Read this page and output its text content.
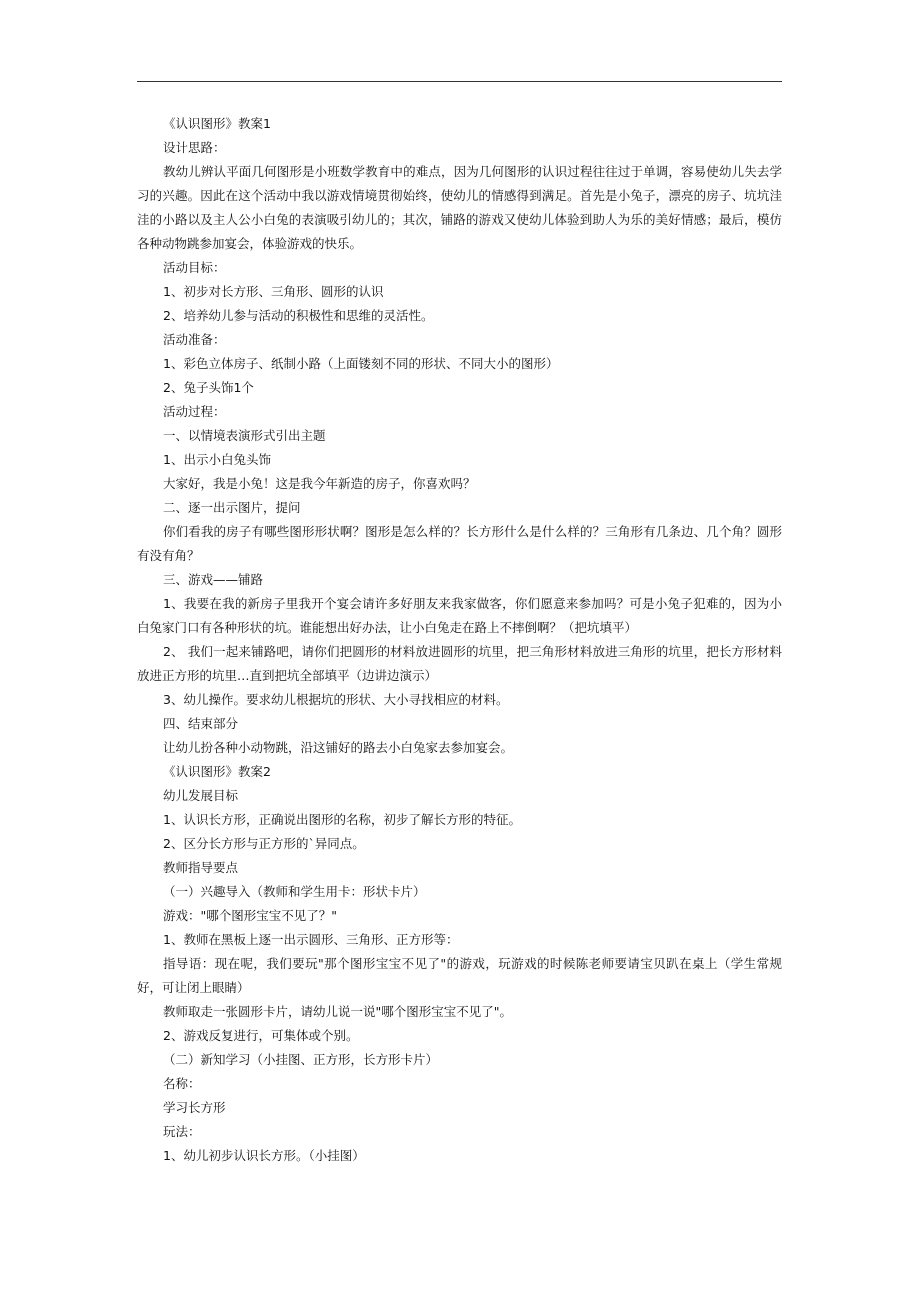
《认识图形》教案1

设计思路：

教幼儿辨认平面几何图形是小班数学教育中的难点，因为几何图形的认识过程往往过于单调，容易使幼儿失去学习的兴趣。因此在这个活动中我以游戏情境贯彻始终，使幼儿的情感得到满足。首先是小兔子，漂亮的房子、坑坑洼洼的小路以及主人公小白兔的表演吸引幼儿的；其次，铺路的游戏又使幼儿体验到助人为乐的美好情感；最后，模仿各种动物跳参加宴会，体验游戏的快乐。

活动目标：

1、初步对长方形、三角形、圆形的认识

2、培养幼儿参与活动的积极性和思维的灵活性。

活动准备：

1、彩色立体房子、纸制小路（上面镂刻不同的形状、不同大小的图形）

2、兔子头饰1个

活动过程：

一、以情境表演形式引出主题

1、出示小白兔头饰

大家好，我是小兔！这是我今年新造的房子，你喜欢吗？

二、逐一出示图片，提问

你们看我的房子有哪些图形形状啊？图形是怎么样的？长方形什么是什么样的？三角形有几条边、几个角？圆形有没有角？

三、游戏——铺路

1、我要在我的新房子里我开个宴会请许多好朋友来我家做客，你们愿意来参加吗？可是小兔子犯难的，因为小白兔家门口有各种形状的坑。谁能想出好办法，让小白兔走在路上不摔倒啊？（把坑填平）

2、 我们一起来铺路吧，请你们把圆形的材料放进圆形的坑里，把三角形材料放进三角形的坑里，把长方形材料放进正方形的坑里…直到把坑全部填平（边讲边演示）

3、幼儿操作。要求幼儿根据坑的形状、大小寻找相应的材料。

四、结束部分

让幼儿扮各种小动物跳，沿这铺好的路去小白兔家去参加宴会。

《认识图形》教案2

幼儿发展目标

1、认识长方形，正确说出图形的名称，初步了解长方形的特征。

2、区分长方形与正方形的`异同点。

教师指导要点

（一）兴趣导入（教师和学生用卡：形状卡片）

游戏："哪个图形宝宝不见了？"

1、教师在黑板上逐一出示圆形、三角形、正方形等：

指导语：现在呢，我们要玩"那个图形宝宝不见了"的游戏，玩游戏的时候陈老师要请宝贝趴在桌上（学生常规好，可让闭上眼睛）

教师取走一张圆形卡片，请幼儿说一说"哪个图形宝宝不见了"。

2、游戏反复进行，可集体或个别。

（二）新知学习（小挂图、正方形，长方形卡片）

名称：

学习长方形

玩法：

1、幼儿初步认识长方形。（小挂图）
